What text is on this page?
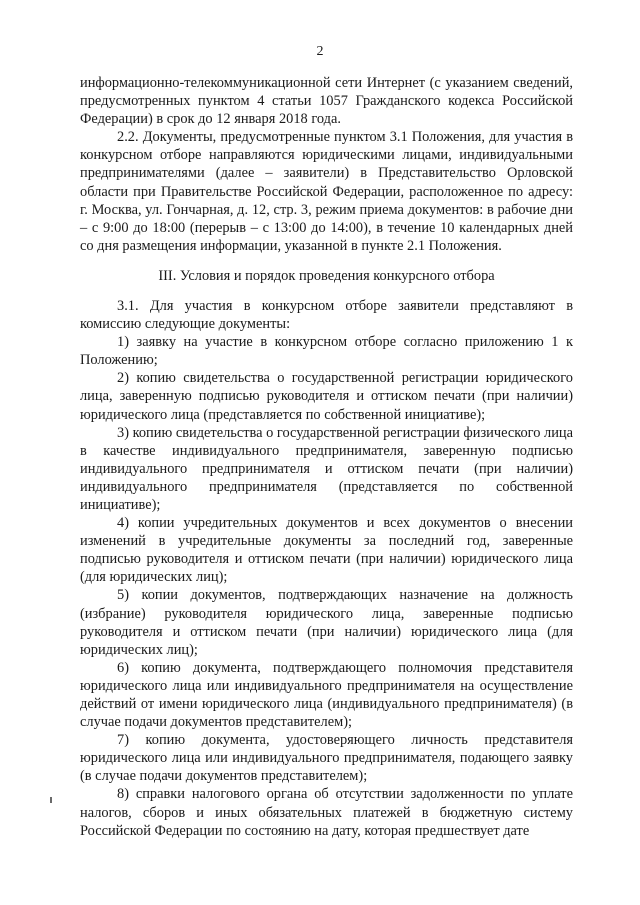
2

информационно-телекоммуникационной сети Интернет (с указанием сведений, предусмотренных пунктом 4 статьи 1057 Гражданского кодекса Российской Федерации) в срок до 12 января 2018 года.

2.2. Документы, предусмотренные пунктом 3.1 Положения, для участия в конкурсном отборе направляются юридическими лицами, индивидуальными предпринимателями (далее – заявители) в Представительство Орловской области при Правительстве Российской Федерации, расположенное по адресу: г. Москва, ул. Гончарная, д. 12, стр. 3, режим приема документов: в рабочие дни – с 9:00 до 18:00 (перерыв – с 13:00 до 14:00), в течение 10 календарных дней со дня размещения информации, указанной в пункте 2.1 Положения.

III. Условия и порядок проведения конкурсного отбора

3.1. Для участия в конкурсном отборе заявители представляют в комиссию следующие документы:

1) заявку на участие в конкурсном отборе согласно приложению 1 к Положению;

2) копию свидетельства о государственной регистрации юридического лица, заверенную подписью руководителя и оттиском печати (при наличии) юридического лица (представляется по собственной инициативе);

3) копию свидетельства о государственной регистрации физического лица в качестве индивидуального предпринимателя, заверенную подписью индивидуального предпринимателя и оттиском печати (при наличии) индивидуального предпринимателя (представляется по собственной инициативе);

4) копии учредительных документов и всех документов о внесении изменений в учредительные документы за последний год, заверенные подписью руководителя и оттиском печати (при наличии) юридического лица (для юридических лиц);

5) копии документов, подтверждающих назначение на должность (избрание) руководителя юридического лица, заверенные подписью руководителя и оттиском печати (при наличии) юридического лица (для юридических лиц);

6) копию документа, подтверждающего полномочия представителя юридического лица или индивидуального предпринимателя на осуществление действий от имени юридического лица (индивидуального предпринимателя) (в случае подачи документов представителем);

7) копию документа, удостоверяющего личность представителя юридического лица или индивидуального предпринимателя, подающего заявку (в случае подачи документов представителем);

8) справки налогового органа об отсутствии задолженности по уплате налогов, сборов и иных обязательных платежей в бюджетную систему Российской Федерации по состоянию на дату, которая предшествует дате
